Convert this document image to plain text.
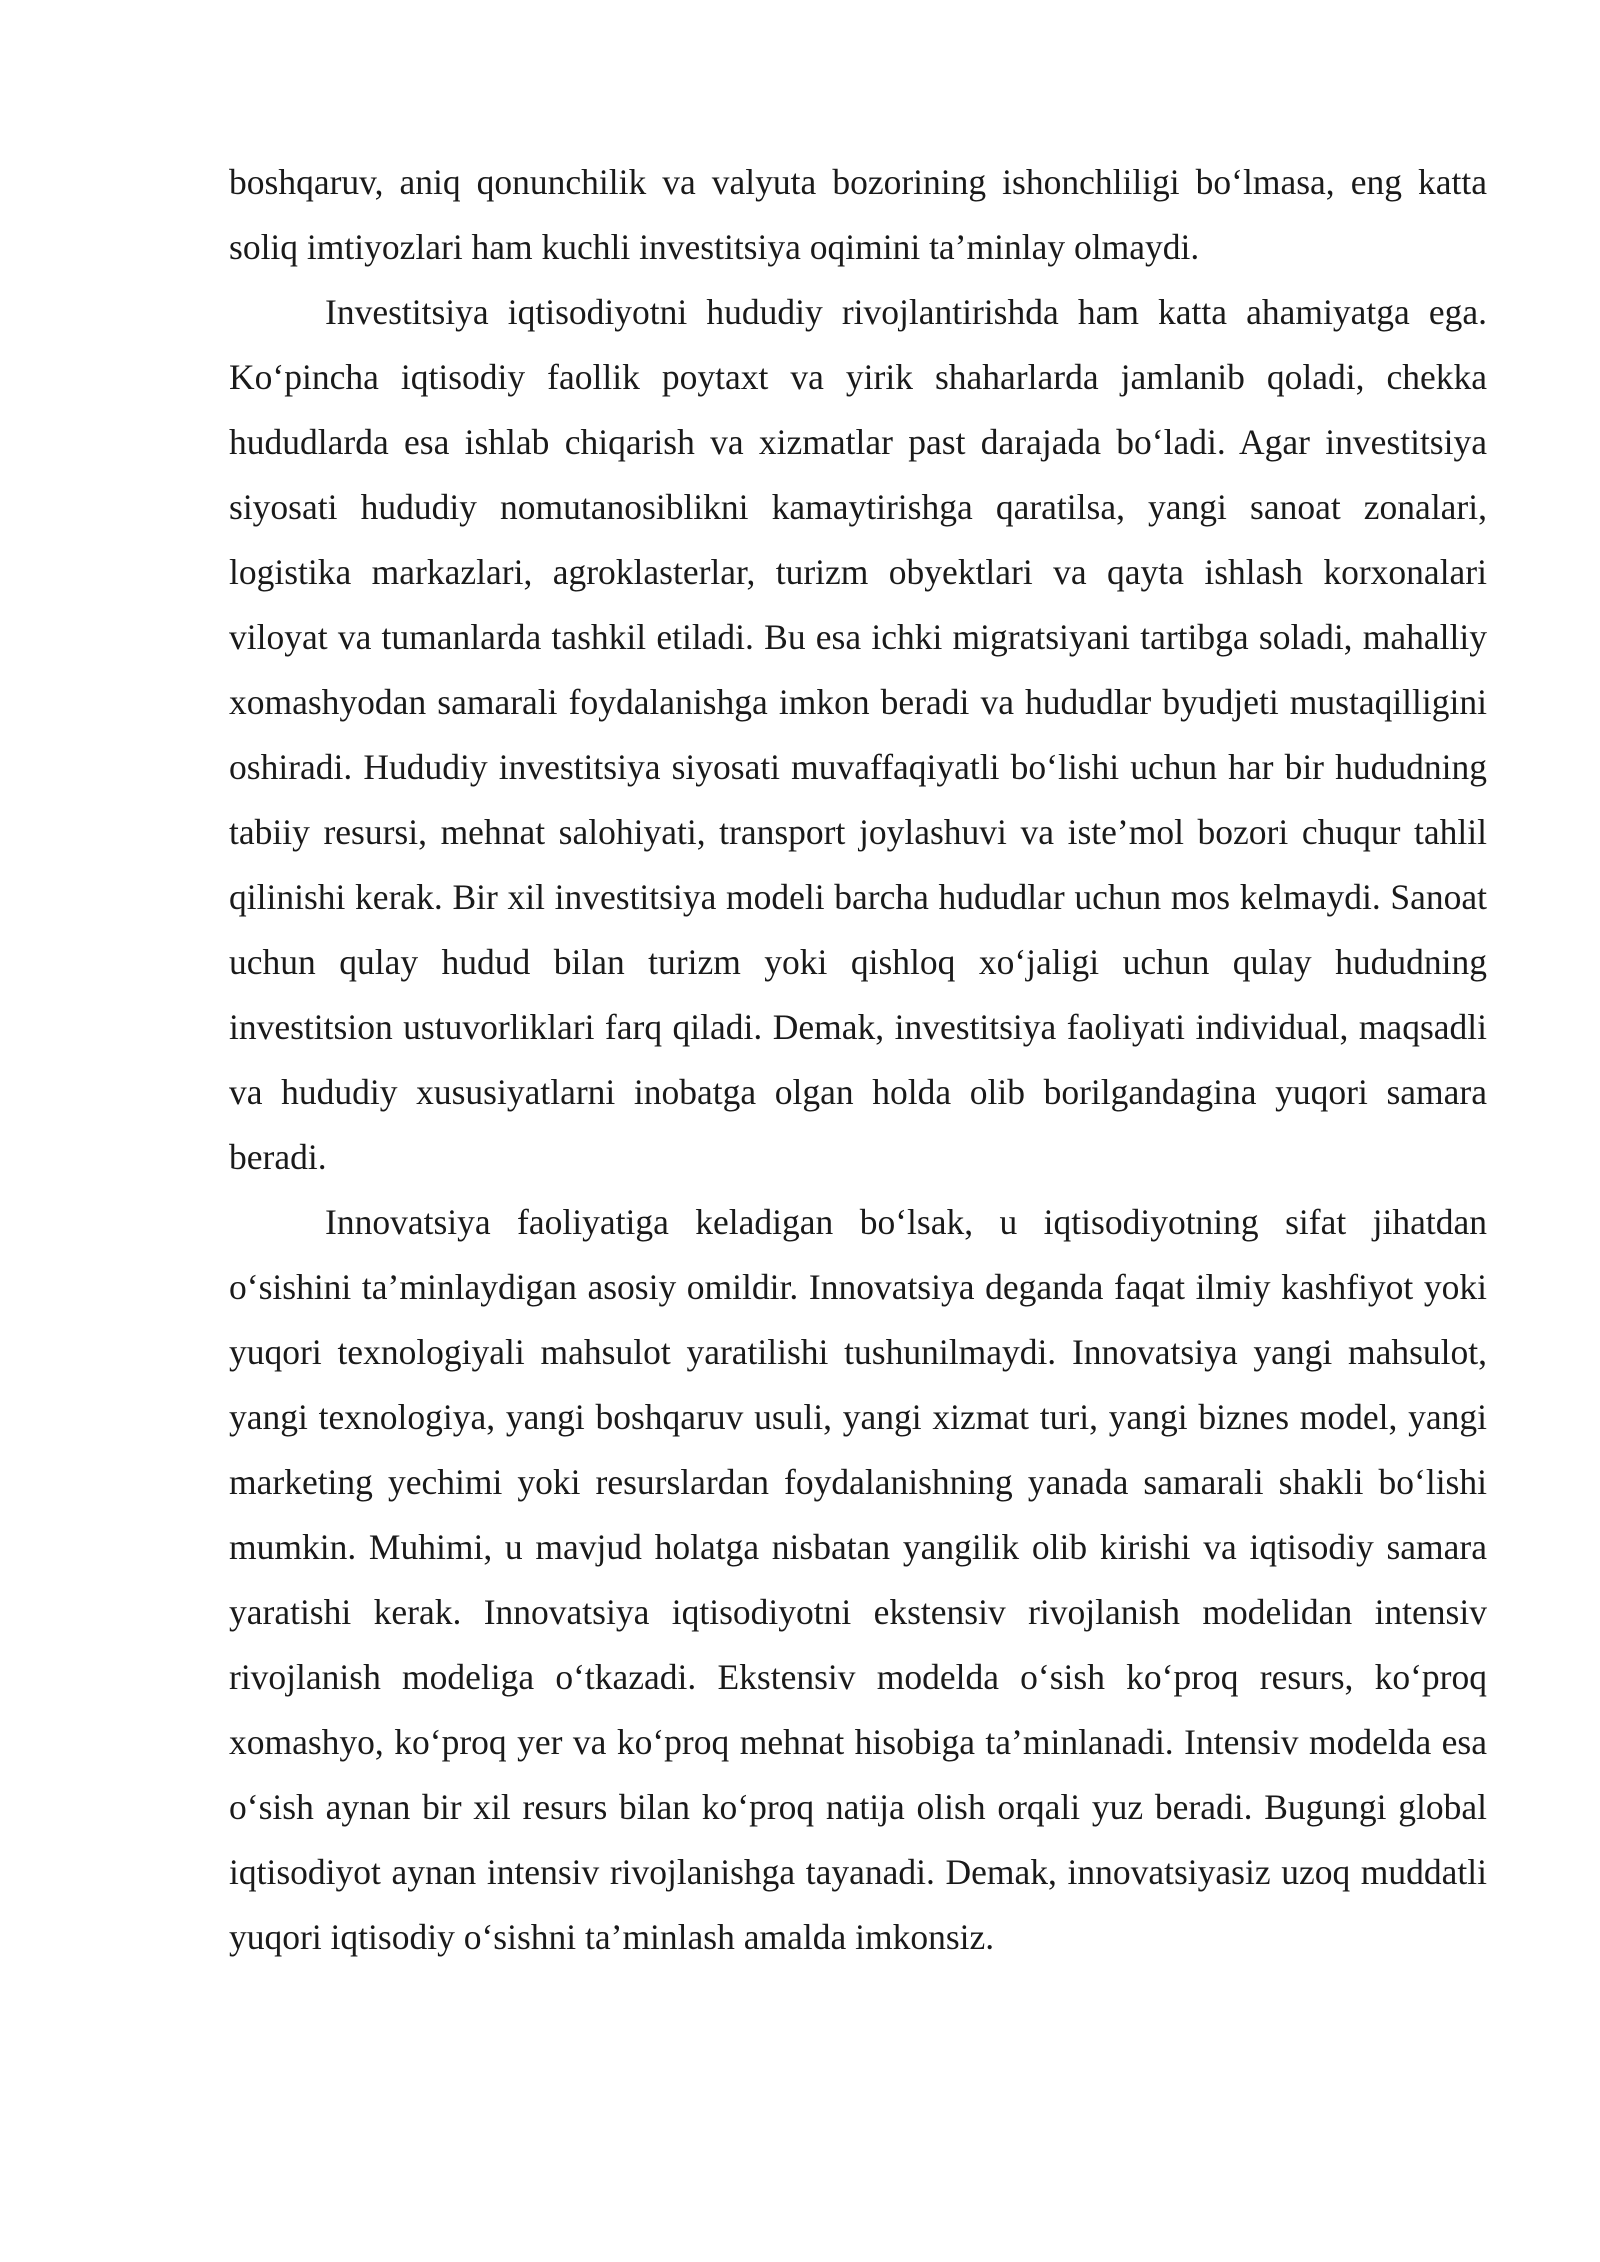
boshqaruv, aniq qonunchilik va valyuta bozorining ishonchliligi bo‘lmasa, eng katta soliq imtiyozlari ham kuchli investitsiya oqimini ta’minlay olmaydi.

Investitsiya iqtisodiyotni hududiy rivojlantirishda ham katta ahamiyatga ega. Ko‘pincha iqtisodiy faollik poytaxt va yirik shaharlarda jamlanib qoladi, chekka hududlarda esa ishlab chiqarish va xizmatlar past darajada bo‘ladi. Agar investitsiya siyosati hududiy nomutanosiblikni kamaytirishga qaratilsa, yangi sanoat zonalari, logistika markazlari, agroklasterlar, turizm obyektlari va qayta ishlash korxonalari viloyat va tumanlarda tashkil etiladi. Bu esa ichki migratsiyani tartibga soladi, mahalliy xomashyodan samarali foydalanishga imkon beradi va hududlar byudjeti mustaqilligini oshiradi. Hududiy investitsiya siyosati muvaffaqiyatli bo‘lishi uchun har bir hududning tabiiy resursi, mehnat salohiyati, transport joylashuvi va iste’mol bozori chuqur tahlil qilinishi kerak. Bir xil investitsiya modeli barcha hududlar uchun mos kelmaydi. Sanoat uchun qulay hudud bilan turizm yoki qishloq xo‘jaligi uchun qulay hududning investitsion ustuvorliklari farq qiladi. Demak, investitsiya faoliyati individual, maqsadli va hududiy xususiyatlarni inobatga olgan holda olib borilgandagina yuqori samara beradi.

Innovatsiya faoliyatiga keladigan bo‘lsak, u iqtisodiyotning sifat jihatdan o‘sishini ta’minlaydigan asosiy omildir. Innovatsiya deganda faqat ilmiy kashfiyot yoki yuqori texnologiyali mahsulot yaratilishi tushunilmaydi. Innovatsiya yangi mahsulot, yangi texnologiya, yangi boshqaruv usuli, yangi xizmat turi, yangi biznes model, yangi marketing yechimi yoki resurslardan foydalanishning yanada samarali shakli bo‘lishi mumkin. Muhimi, u mavjud holatga nisbatan yangilik olib kirishi va iqtisodiy samara yaratishi kerak. Innovatsiya iqtisodiyotni ekstensiv rivojlanish modelidan intensiv rivojlanish modeliga o‘tkazadi. Ekstensiv modelda o‘sish ko‘proq resurs, ko‘proq xomashyo, ko‘proq yer va ko‘proq mehnat hisobiga ta’minlanadi. Intensiv modelda esa o‘sish aynan bir xil resurs bilan ko‘proq natija olish orqali yuz beradi. Bugungi global iqtisodiyot aynan intensiv rivojlanishga tayanadi. Demak, innovatsiyasiz uzoq muddatli yuqori iqtisodiy o‘sishni ta’minlash amalda imkonsiz.
